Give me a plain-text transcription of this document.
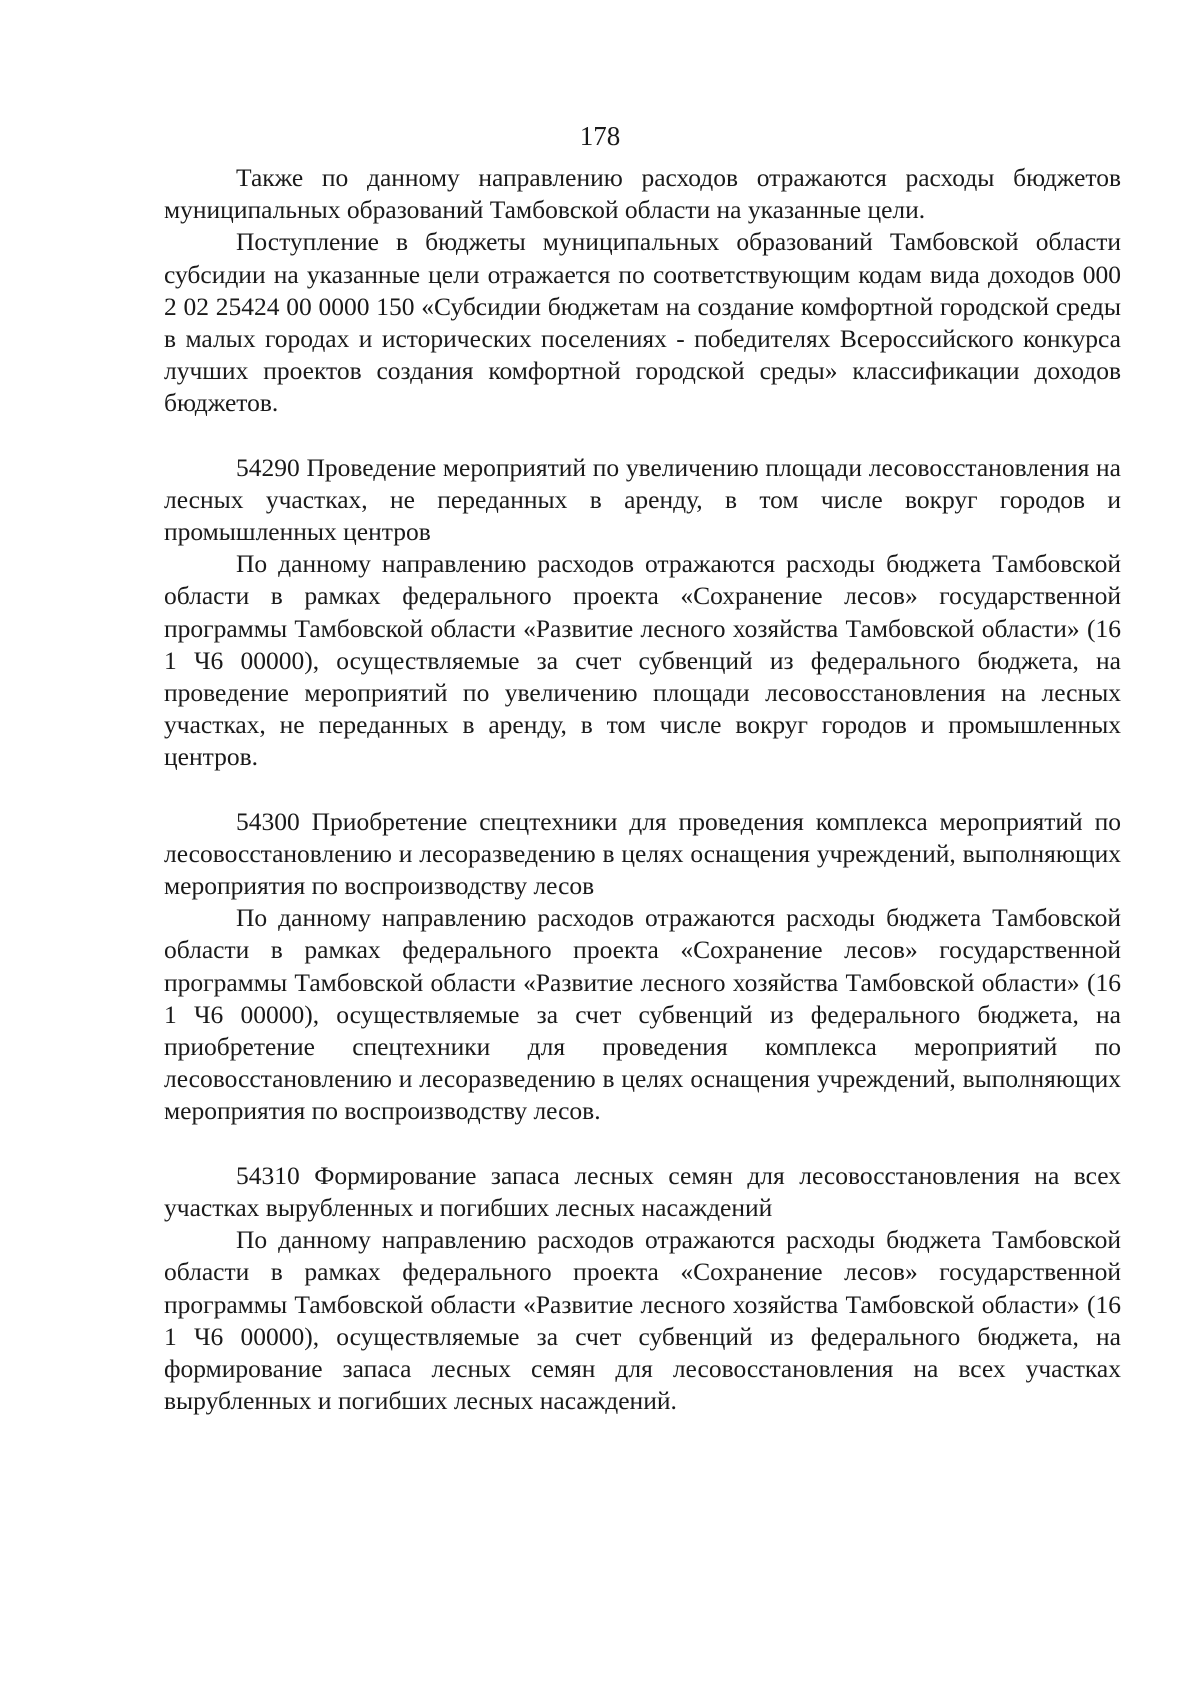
178

Также по данному направлению расходов отражаются расходы бюджетов муниципальных образований Тамбовской области на указанные цели.

Поступление в бюджеты муниципальных образований Тамбовской области субсидии на указанные цели отражается по соответствующим кодам вида доходов 000 2 02 25424 00 0000 150 «Субсидии бюджетам на создание комфортной городской среды в малых городах и исторических поселениях - победителях Всероссийского конкурса лучших проектов создания комфортной городской среды» классификации доходов бюджетов.

54290 Проведение мероприятий по увеличению площади лесовосстановления на лесных участках, не переданных в аренду, в том числе вокруг городов и промышленных центров

По данному направлению расходов отражаются расходы бюджета Тамбовской области в рамках федерального проекта «Сохранение лесов» государственной программы Тамбовской области «Развитие лесного хозяйства Тамбовской области» (16 1 Ч6 00000), осуществляемые за счет субвенций из федерального бюджета, на проведение мероприятий по увеличению площади лесовосстановления на лесных участках, не переданных в аренду, в том числе вокруг городов и промышленных центров.

54300 Приобретение спецтехники для проведения комплекса мероприятий по лесовосстановлению и лесоразведению в целях оснащения учреждений, выполняющих мероприятия по воспроизводству лесов

По данному направлению расходов отражаются расходы бюджета Тамбовской области в рамках федерального проекта «Сохранение лесов» государственной программы Тамбовской области «Развитие лесного хозяйства Тамбовской области» (16 1 Ч6 00000), осуществляемые за счет субвенций из федерального бюджета, на приобретение спецтехники для проведения комплекса мероприятий по лесовосстановлению и лесоразведению в целях оснащения учреждений, выполняющих мероприятия по воспроизводству лесов.

54310 Формирование запаса лесных семян для лесовосстановления на всех участках вырубленных и погибших лесных насаждений

По данному направлению расходов отражаются расходы бюджета Тамбовской области в рамках федерального проекта «Сохранение лесов» государственной программы Тамбовской области «Развитие лесного хозяйства Тамбовской области» (16 1 Ч6 00000), осуществляемые за счет субвенций из федерального бюджета, на формирование запаса лесных семян для лесовосстановления на всех участках вырубленных и погибших лесных насаждений.
